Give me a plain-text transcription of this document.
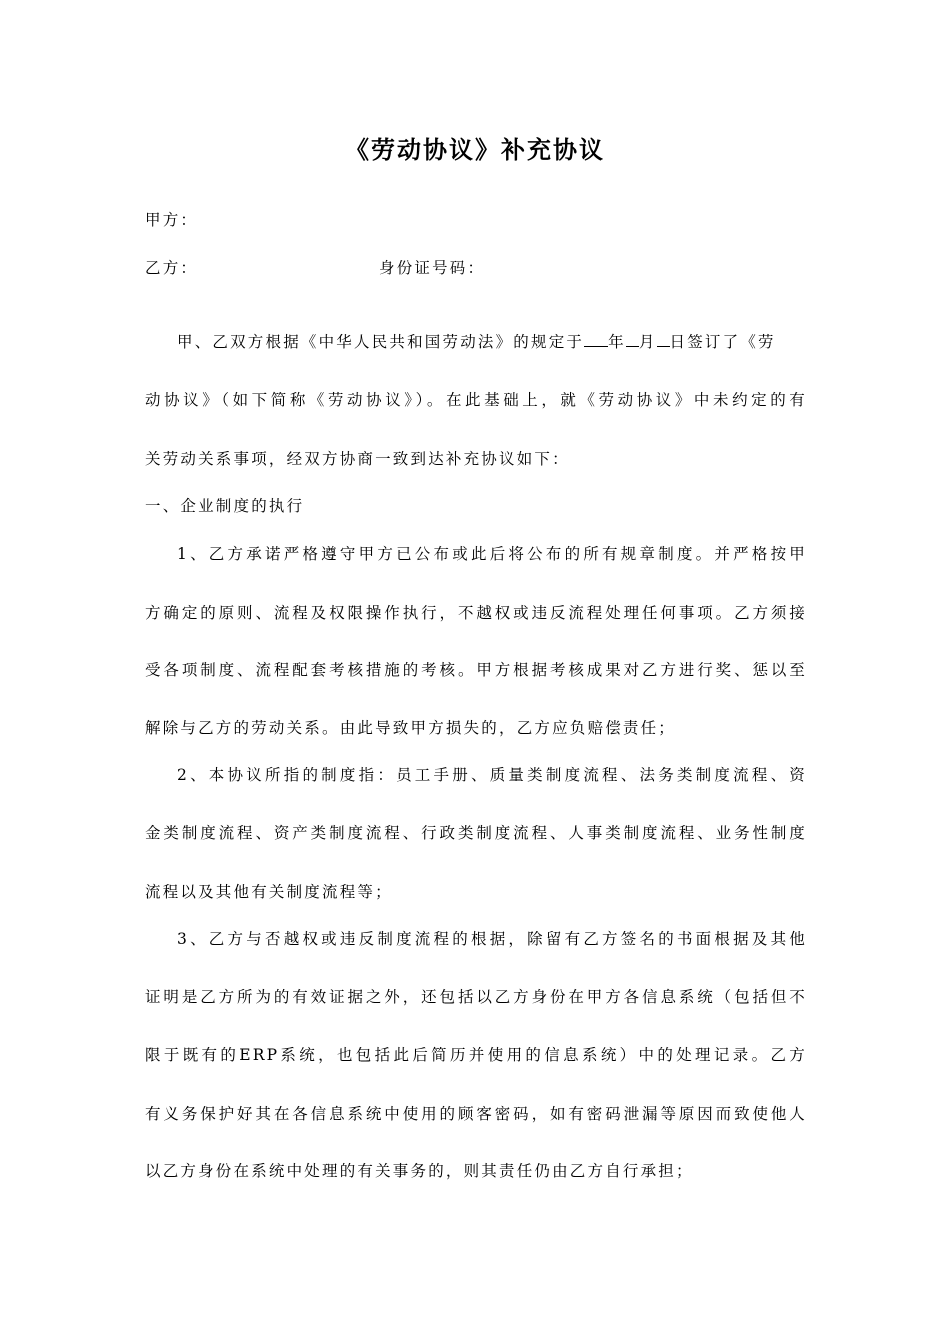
《劳动协议》补充协议
甲方：
乙方：	身份证号码：
甲、乙双方根据《中华人民共和国劳动法》的规定于 年 月 日签订了《劳
动协议》（如下简称《劳动协议》）。在此基础上，就《劳动协议》中未约定的有
关劳动关系事项，经双方协商一致到达补充协议如下：
一、企业制度的执行
1、乙方承诺严格遵守甲方已公布或此后将公布的所有规章制度。并严格按甲
方确定的原则、流程及权限操作执行，不越权或违反流程处理任何事项。乙方须接
受各项制度、流程配套考核措施的考核。甲方根据考核成果对乙方进行奖、惩以至
解除与乙方的劳动关系。由此导致甲方损失的，乙方应负赔偿责任；
2、本协议所指的制度指：员工手册、质量类制度流程、法务类制度流程、资
金类制度流程、资产类制度流程、行政类制度流程、人事类制度流程、业务性制度
流程以及其他有关制度流程等；
3、乙方与否越权或违反制度流程的根据，除留有乙方签名的书面根据及其他
证明是乙方所为的有效证据之外，还包括以乙方身份在甲方各信息系统（包括但不
限于既有的ERP系统，也包括此后简历并使用的信息系统）中的处理记录。乙方
有义务保护好其在各信息系统中使用的顾客密码，如有密码泄漏等原因而致使他人
以乙方身份在系统中处理的有关事务的，则其责任仍由乙方自行承担；
